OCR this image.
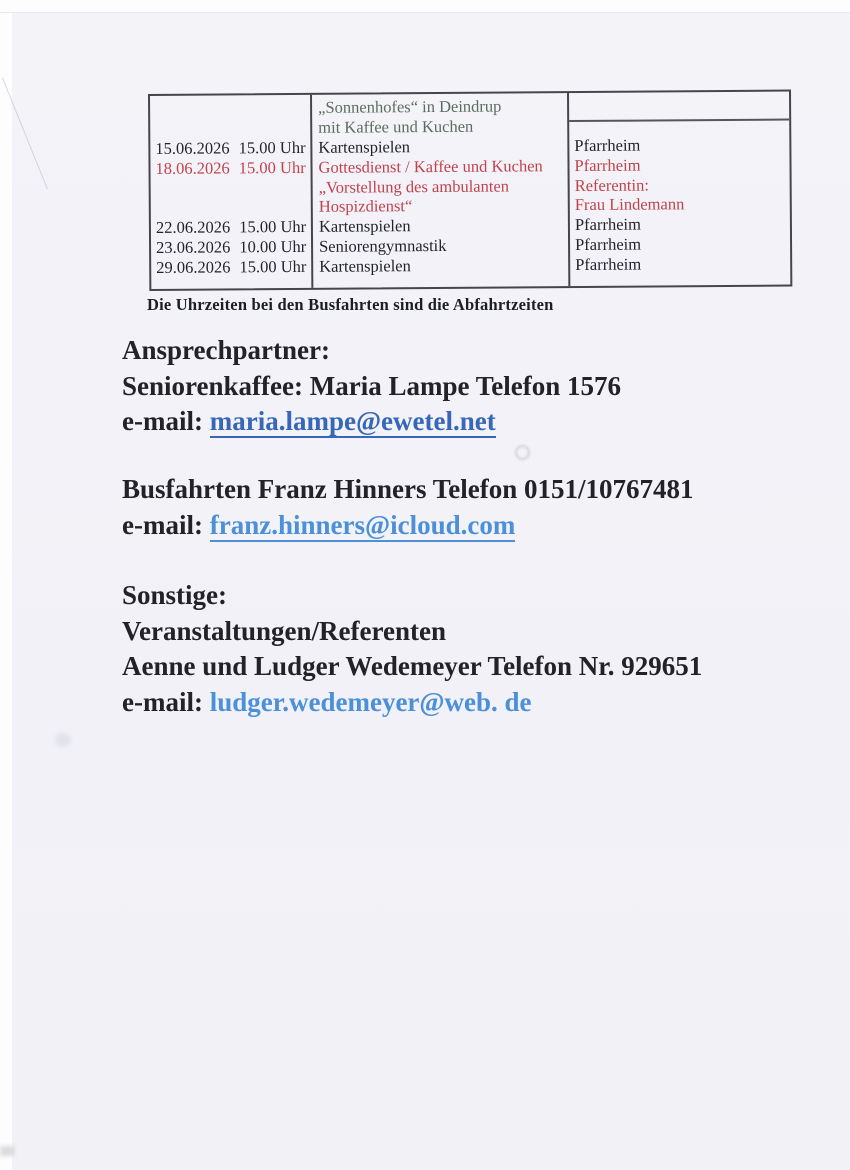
15.06.2026 15.00 Uhr
18.06.2026 15.00 Uhr
22.06.2026 15.00 Uhr
23.06.2026 10.00 Uhr
29.06.2026 15.00 Uhr
„Sonnenhofes“ in Deindrup
mit Kaffee und Kuchen
Kartenspielen
Gottesdienst / Kaffee und Kuchen
„Vorstellung des ambulanten
Hospizdienst“
Kartenspielen
Seniorengymnastik
Kartenspielen
Pfarrheim
Pfarrheim
Referentin:
Frau Lindemann
Pfarrheim
Pfarrheim
Pfarrheim
Die Uhrzeiten bei den Busfahrten sind die Abfahrtzeiten
Ansprechpartner:
Seniorenkaffee: Maria Lampe Telefon 1576
e-mail: maria.lampe@ewetel.net
Busfahrten Franz Hinners Telefon 0151/10767481
e-mail: franz.hinners@icloud.com
Sonstige:
Veranstaltungen/Referenten
Aenne und Ludger Wedemeyer Telefon Nr. 929651
e-mail: ludger.wedemeyer@web. de
